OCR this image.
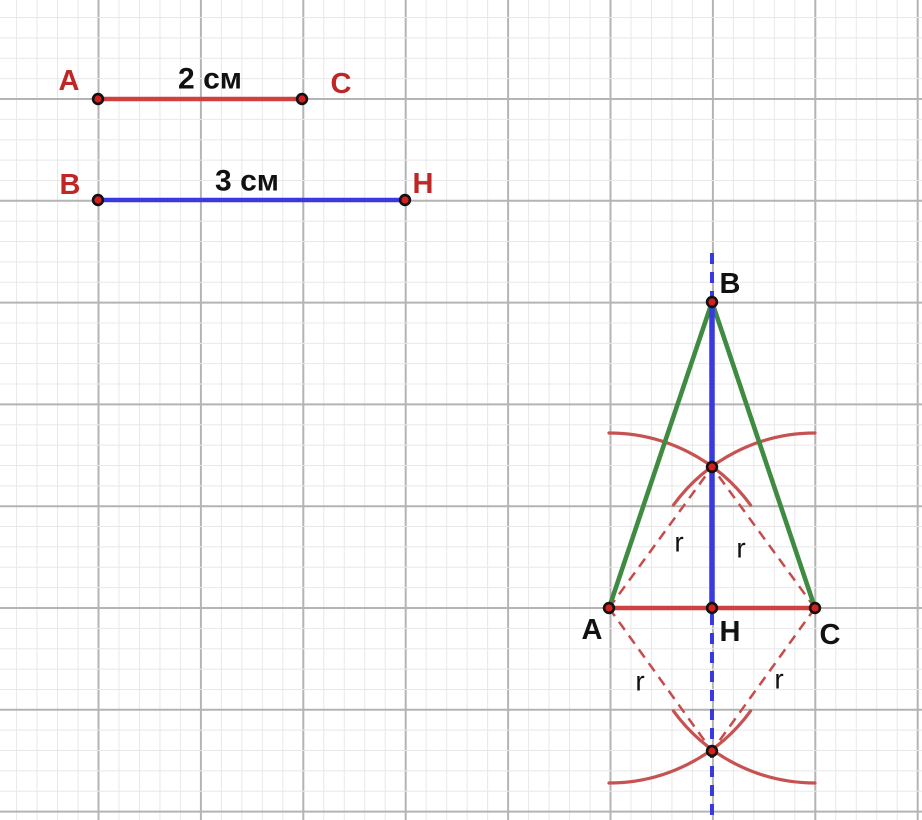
A	2 см	C
B	3 см	H
B
A	H	C
r r
r	r
